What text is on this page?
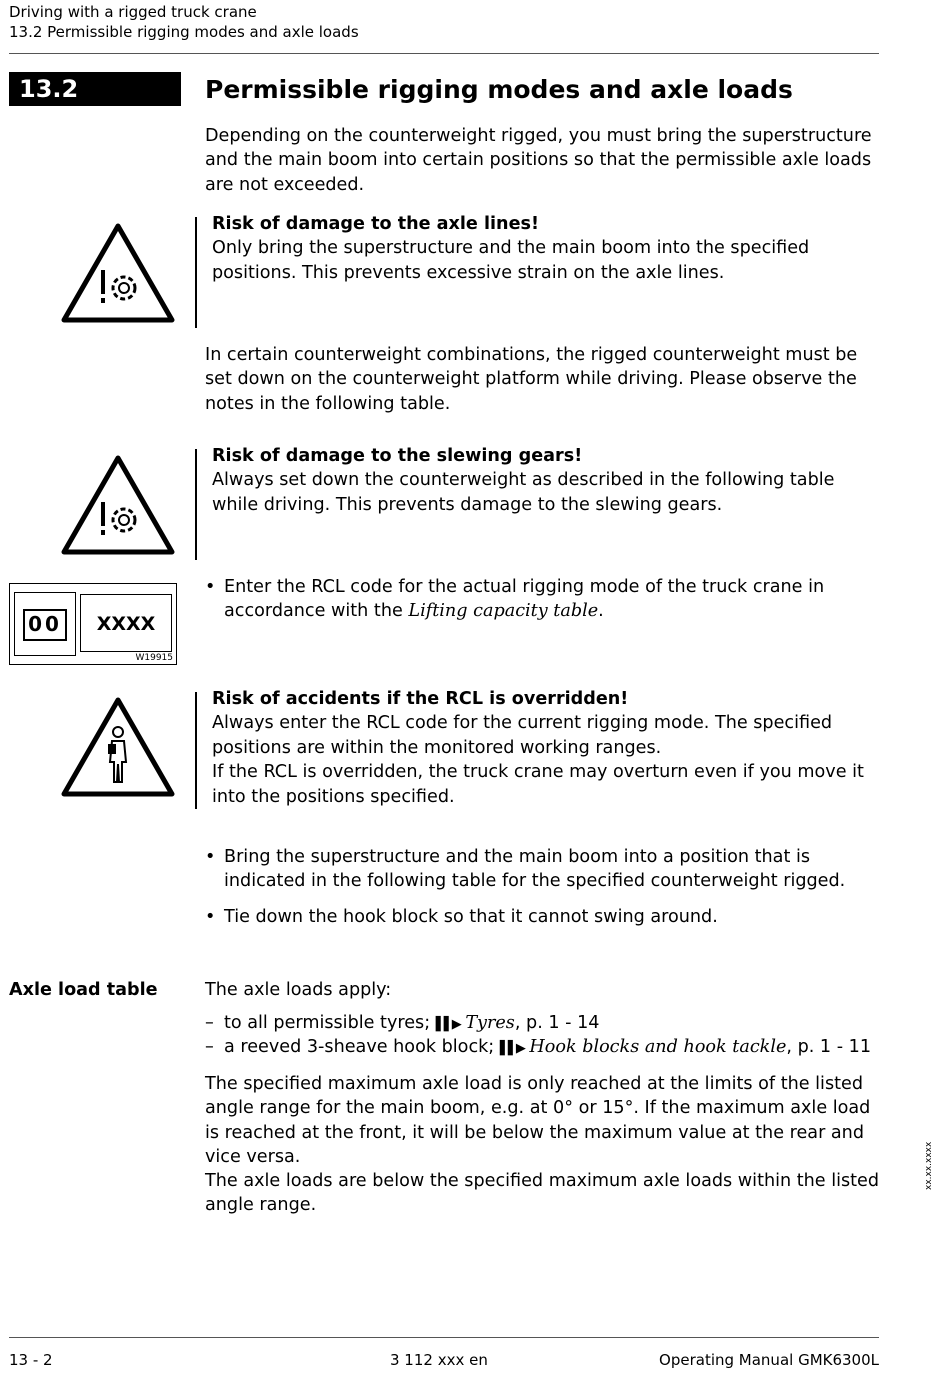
Driving with a rigged truck crane
13.2 Permissible rigging modes and axle loads
13.2	Permissible rigging modes and axle loads
Depending on the counterweight rigged, you must bring the superstructure and the main boom into certain positions so that the permissible axle loads are not exceeded.
Risk of damage to the axle lines!
Only bring the superstructure and the main boom into the specified positions. This prevents excessive strain on the axle lines.
In certain counterweight combinations, the rigged counterweight must be set down on the counterweight platform while driving. Please observe the notes in the following table.
Risk of damage to the slewing gears!
Always set down the counterweight as described in the following table while driving. This prevents damage to the slewing gears.
00	XXXX
W19915
• Enter the RCL code for the actual rigging mode of the truck crane in accordance with the Lifting capacity table.
Risk of accidents if the RCL is overridden!
Always enter the RCL code for the current rigging mode. The specified positions are within the monitored working ranges.
If the RCL is overridden, the truck crane may overturn even if you move it into the positions specified.
• Bring the superstructure and the main boom into a position that is indicated in the following table for the specified counterweight rigged.
• Tie down the hook block so that it cannot swing around.
Axle load table	The axle loads apply:
– to all permissible tyres; ▌▌▶ Tyres, p. 1 - 14
– a reeved 3-sheave hook block; ▌▌▶ Hook blocks and hook tackle, p. 1 - 11
The specified maximum axle load is only reached at the limits of the listed angle range for the main boom, e.g. at 0° or 15°. If the maximum axle load is reached at the front, it will be below the maximum value at the rear and vice versa.
The axle loads are below the specified maximum axle loads within the listed angle range.
xx.xx.xxxx
13 - 2	3 112 xxx en	Operating Manual GMK6300L
